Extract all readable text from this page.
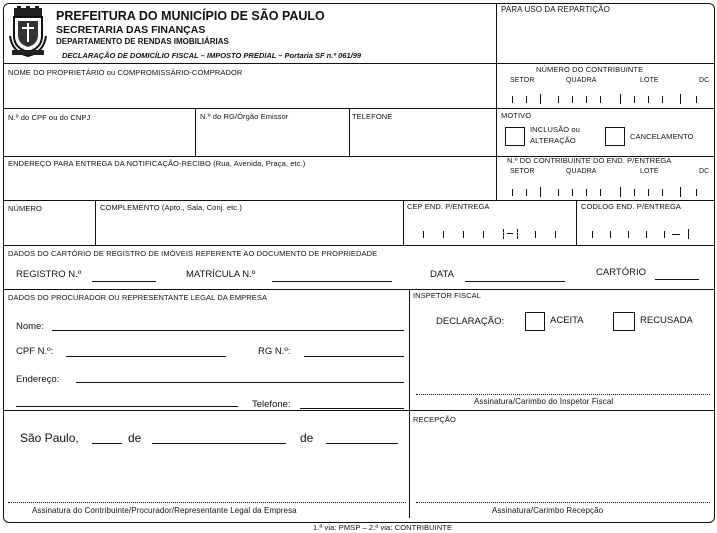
PREFEITURA DO MUNICÍPIO DE SÃO PAULO
SECRETARIA DAS FINANÇAS
DEPARTAMENTO DE RENDAS IMOBILIÁRIAS
DECLARAÇÃO DE DOMICÍLIO FISCAL – IMPOSTO PREDIAL – Portaria SF n.º 061/99
PARA USO DA REPARTIÇÃO
NOME DO PROPRIETÁRIO ou COMPROMISSÁRIO-COMPRADOR	NÚMERO DO CONTRIBUINTE
SETOR	QUADRA	LOTE	DC
N.º do CPF ou do CNPJ	N.º do RG/Órgão Emissor	TELEFONE	MOTIVO
INCLUSÃO ou
ALTERAÇÃO	CANCELAMENTO
ENDEREÇO PARA ENTREGA DA NOTIFICAÇÃO-RECIBO (Rua, Avenida, Praça, etc.)	N.º DO CONTRIBUINTE DO END. P/ENTREGA
SETOR	QUADRA	LOTE	DC
NÚMERO	COMPLEMENTO (Apto., Sala, Conj. etc.)	CEP END. P/ENTREGA	CODLOG END. P/ENTREGA
DADOS DO CARTÓRIO DE REGISTRO DE IMÓVEIS REFERENTE AO DOCUMENTO DE PROPRIEDADE
REGISTRO N.º	MATRÍCULA N.º	DATA	CARTÓRIO
DADOS DO PROCURADOR OU REPRESENTANTE LEGAL DA EMPRESA
Nome:
CPF N.º:	RG N.º:
Endereço:
Telefone:
INSPETOR FISCAL
DECLARAÇÃO:	ACEITA	RECUSADA
Assinatura/Carimbo do Inspetor Fiscal
São Paulo,	de	de
Assinatura do Contribuinte/Procurador/Representante Legal da Empresa
RECEPÇÃO
Assinatura/Carimbo Recepção
1.ª via: PMSP – 2.ª via: CONTRIBUINTE
